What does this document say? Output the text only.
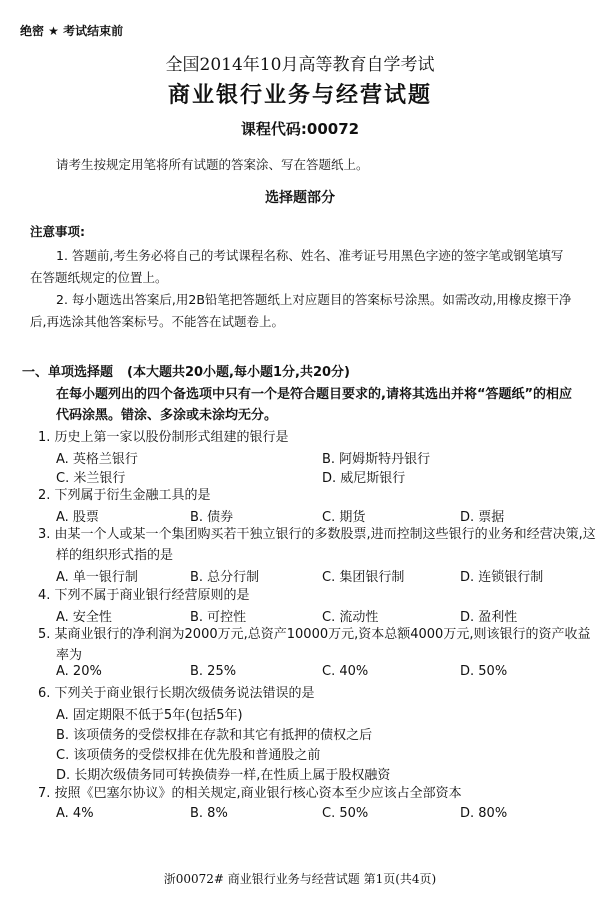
绝密 ★ 考试结束前
全国2014年10月高等教育自学考试
商业银行业务与经营试题
课程代码:00072
请考生按规定用笔将所有试题的答案涂、写在答题纸上。
选择题部分
注意事项:

1. 答题前,考生务必将自己的考试课程名称、姓名、准考证号用黑色字迹的签字笔或钢笔填写在答题纸规定的位置上。

2. 每小题选出答案后,用2B铅笔把答题纸上对应题目的答案标号涂黑。如需改动,用橡皮擦干净后,再选涂其他答案标号。不能答在试题卷上。

一、单项选择题 (本大题共20小题,每小题1分,共20分)
在每小题列出的四个备选项中只有一个是符合题目要求的,请将其选出并将“答题纸”的相应代码涂黑。错涂、多涂或未涂均无分。
1. 历史上第一家以股份制形式组建的银行是
A. 英格兰银行	B. 阿姆斯特丹银行
C. 米兰银行	D. 威尼斯银行
2. 下列属于衍生金融工具的是
A. 股票	B. 债券	C. 期货	D. 票据
3. 由某一个人或某一个集团购买若干独立银行的多数股票,进而控制这些银行的业务和经营决策,这样的组织形式指的是
A. 单一银行制	B. 总分行制	C. 集团银行制	D. 连锁银行制
4. 下列不属于商业银行经营原则的是
A. 安全性	B. 可控性	C. 流动性	D. 盈利性
5. 某商业银行的净利润为2000万元,总资产10000万元,资本总额4000万元,则该银行的资产收益率为
A. 20%	B. 25%	C. 40%	D. 50%
6. 下列关于商业银行长期次级债务说法错误的是
A. 固定期限不低于5年(包括5年)
B. 该项债务的受偿权排在存款和其它有抵押的债权之后
C. 该项债务的受偿权排在优先股和普通股之前
D. 长期次级债务同可转换债券一样,在性质上属于股权融资
7. 按照《巴塞尔协议》的相关规定,商业银行核心资本至少应该占全部资本
A. 4%	B. 8%	C. 50%	D. 80%
浙00072# 商业银行业务与经营试题 第1页(共4页)
